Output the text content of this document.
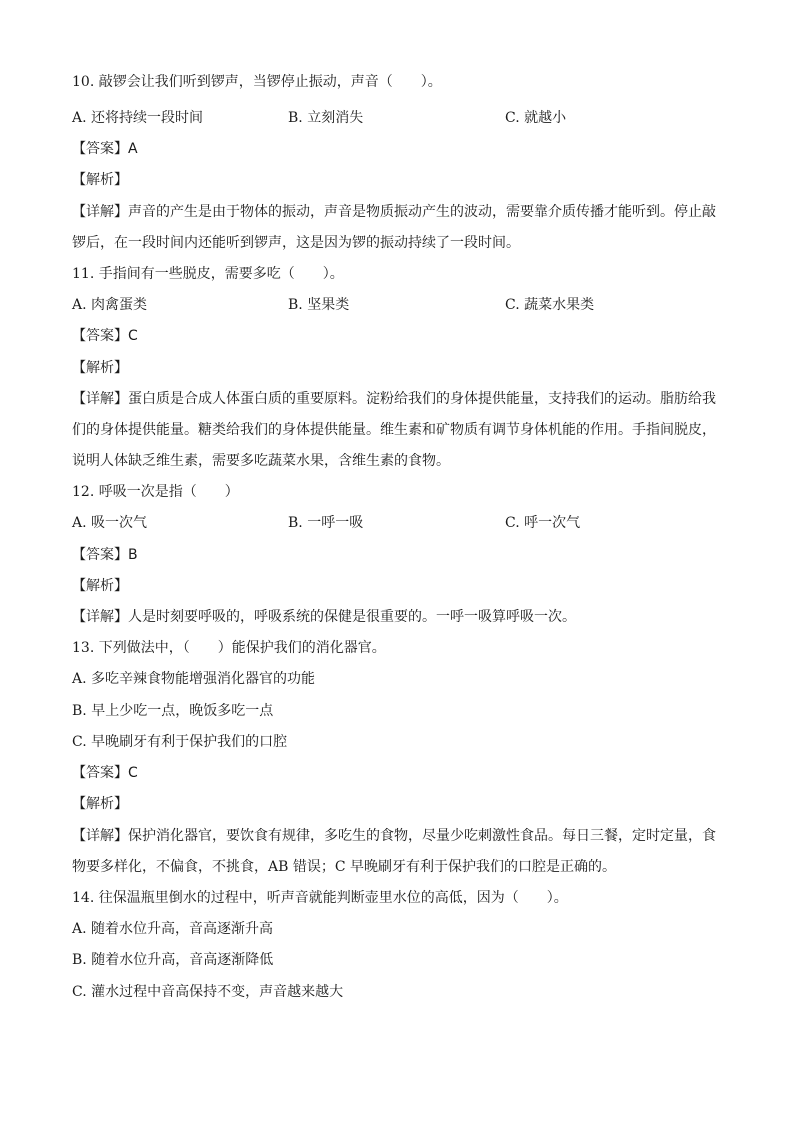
10. 敲锣会让我们听到锣声，当锣停止振动，声音（　　）。
A. 还将持续一段时间	B. 立刻消失	C. 就越小
【答案】A
【解析】
【详解】声音的产生是由于物体的振动，声音是物质振动产生的波动，需要靠介质传播才能听到。停止敲
锣后，在一段时间内还能听到锣声，这是因为锣的振动持续了一段时间。
11. 手指间有一些脱皮，需要多吃（　　）。
A. 肉禽蛋类	B. 坚果类	C. 蔬菜水果类
【答案】C
【解析】
【详解】蛋白质是合成人体蛋白质的重要原料。淀粉给我们的身体提供能量，支持我们的运动。脂肪给我
们的身体提供能量。糖类给我们的身体提供能量。维生素和矿物质有调节身体机能的作用。手指间脱皮，
说明人体缺乏维生素，需要多吃蔬菜水果，含维生素的食物。
12. 呼吸一次是指（　　）
A. 吸一次气	B. 一呼一吸	C. 呼一次气
【答案】B
【解析】
【详解】人是时刻要呼吸的，呼吸系统的保健是很重要的。一呼一吸算呼吸一次。
13. 下列做法中，（　　）能保护我们的消化器官。
A. 多吃辛辣食物能增强消化器官的功能
B. 早上少吃一点，晚饭多吃一点
C. 早晚刷牙有利于保护我们的口腔
【答案】C
【解析】
【详解】保护消化器官，要饮食有规律，多吃生的食物，尽量少吃刺激性食品。每日三餐，定时定量，食
物要多样化，不偏食，不挑食，AB 错误；C 早晚刷牙有利于保护我们的口腔是正确的。
14. 往保温瓶里倒水的过程中，听声音就能判断壶里水位的高低，因为（　　）。
A. 随着水位升高，音高逐渐升高
B. 随着水位升高，音高逐渐降低
C. 灌水过程中音高保持不变，声音越来越大
